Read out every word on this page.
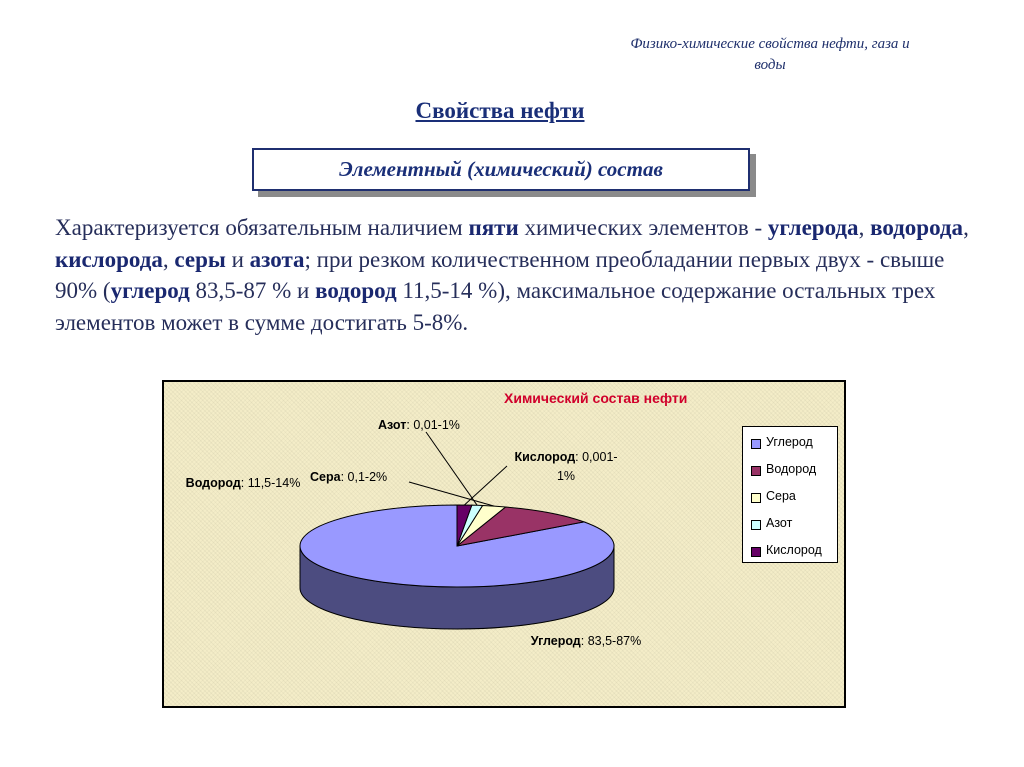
Физико-химические свойства нефти, газа и
воды
Свойства нефти
Элементный (химический) состав
Характеризуется обязательным наличием пяти химических элементов - углерода, водорода, кислорода, серы и азота; при резком количественном преобладании первых двух - свыше 90% (углерод 83,5-87 % и водород 11,5-14 %), максимальное содержание остальных трех элементов может в сумме достигать 5-8%.
Химический состав нефти
Азот: 0,01-1%
Кислород: 0,001-1%
Водород: 11,5-14% Сера: 0,1-2%
Углерод: 83,5-87%
Углерод
Водород
Сера
Азот
Кислород
